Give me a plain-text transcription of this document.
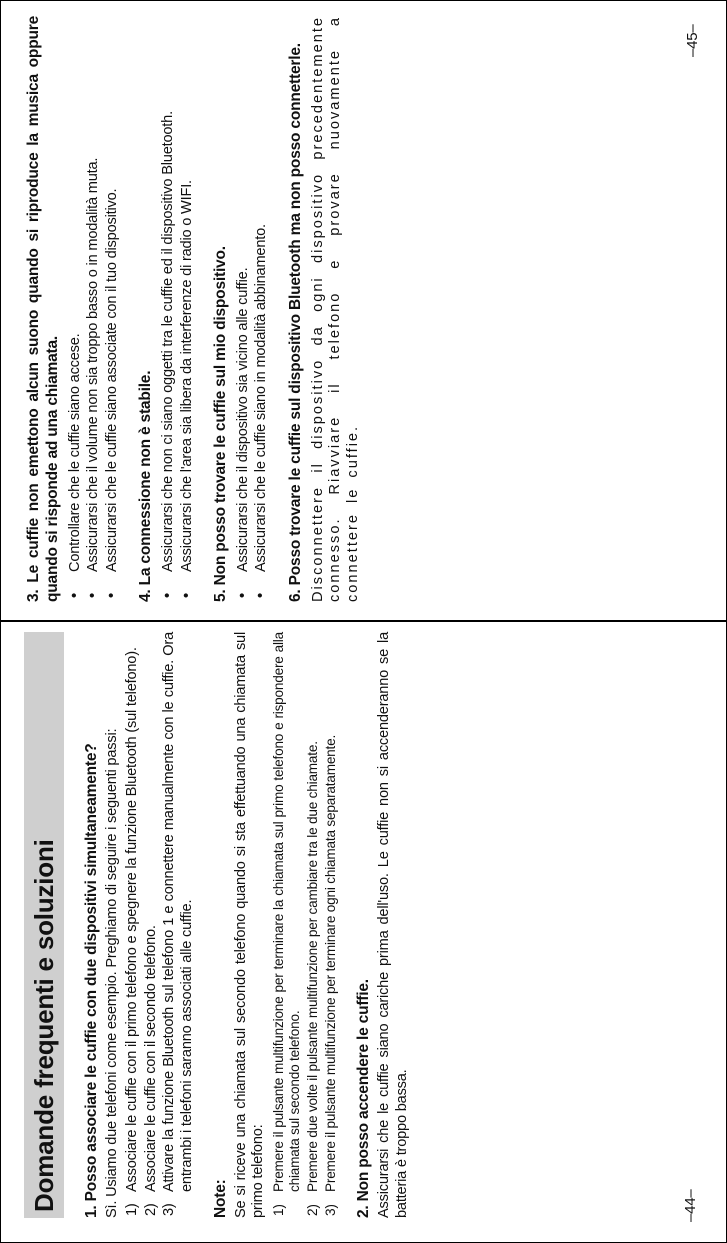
3. Le cuffie non emettono alcun suono quando si riproduce la musica oppure quando si risponde ad una chiamata. •
Controllare che le cuffie siano accese.
•
Assicurarsi che il volume non sia troppo basso o in modalità muta.
•
Assicurarsi che le cuffie siano associate con il tuo dispositivo. 4. La connessione non è stabile. •
Assicurarsi che non ci siano oggetti tra le cuffie ed il dispositivo Bluetooth.
•
Assicurarsi che l'area sia libera da interferenze di radio o WIFI. 5. Non posso trovare le cuffie sul mio dispositivo. •
Assicurarsi che il dispositivo sia vicino alle cuffie.
•
Assicurarsi che le cuffie siano in modalità abbinamento. 6. Posso trovare le cuffie sul dispositivo Bluetooth ma non posso connetterle. Disconnettere il dispositivo da ogni dispositivo precedentemente connesso. Riavviare il telefono e provare nuovamente a connettere le cuffie.

–45–
Domande frequenti e soluzioni	1. Posso associare le cuffie con due dispositivi simultaneamente? Sì. Usiamo due telefoni come esempio. Preghiamo di seguire i seguenti passi: 1)
Associare le cuffie con il primo telefono e spegnere la funzione Bluetooth (sul telefono).
2)
Associare le cuffie con il secondo telefono.
3)
Attivare la funzione Bluetooth sul telefono 1 e connettere manualmente con le cuffie. Ora entrambi i telefoni saranno associati alle cuffie.
Note: Se si riceve una chiamata sul secondo telefono quando si sta effettuando una chiamata sul primo telefono: 1)
Premere il pulsante multifunzione per terminare la chiamata sul primo telefono e rispondere alla chiamata sul secondo telefono.
2)
Premere due volte il pulsante multifunzione per cambiare tra le due chiamate.
3)
Premere il pulsante multifunzione per terminare ogni chiamata separatamente. 2. Non posso accendere le cuffie. Assicurarsi che le cuffie siano cariche prima dell'uso. Le cuffie non si accenderanno se la batteria è troppo bassa.	–44–
